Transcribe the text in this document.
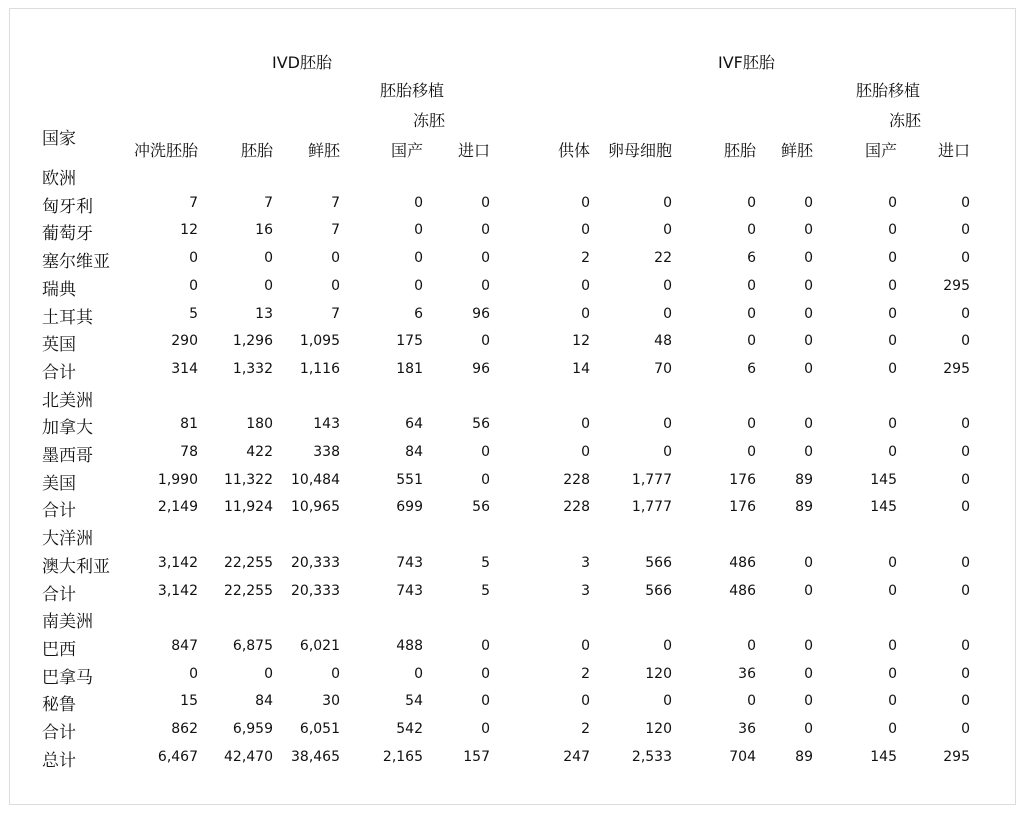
IVD胚胎	IVF胚胎
胚胎移植	胚胎移植
冻胚	冻胚
国家
冲洗胚胎	胚胎 鲜胚	国产 进口	供体 卵母细胞	胚胎 鲜胚	国产	进口
欧洲
匈牙利	7	7	7	0	0	0	0	0	0	0	0
葡萄牙	12	16	7	0	0	0	0	0	0	0	0
塞尔维亚	0	0	0	0	0	2	22	6	0	0	0
瑞典	0	0	0	0	0	0	0	0	0	0	295
土耳其	5	13	7	6	96	0	0	0	0	0	0
英国	290 1,296 1,095	175	0	12	48	0	0	0	0
合计	314 1,332 1,116	181	96	14	70	6	0	0	295
北美洲
加拿大	81	180	143	64	56	0	0	0	0	0	0
墨西哥	78	422	338	84	0	0	0	0	0	0	0
美国	1,990 11,322 10,484	551	0	228	1,777	176	89	145	0
合计	2,149 11,924 10,965	699	56	228	1,777	176	89	145	0
大洋洲
澳大利亚	3,142 22,255 20,333	743	5	3	566	486	0	0	0
合计	3,142 22,255 20,333	743	5	3	566	486	0	0	0
南美洲
巴西	847 6,875 6,021	488	0	0	0	0	0	0	0
巴拿马	0	0	0	0	0	2	120	36	0	0	0
秘鲁	15	84	30	54	0	0	0	0	0	0	0
合计	862 6,959 6,051	542	0	2	120	36	0	0	0
总计	6,467 42,470 38,465	2,165	157	247	2,533	704	89	145	295
